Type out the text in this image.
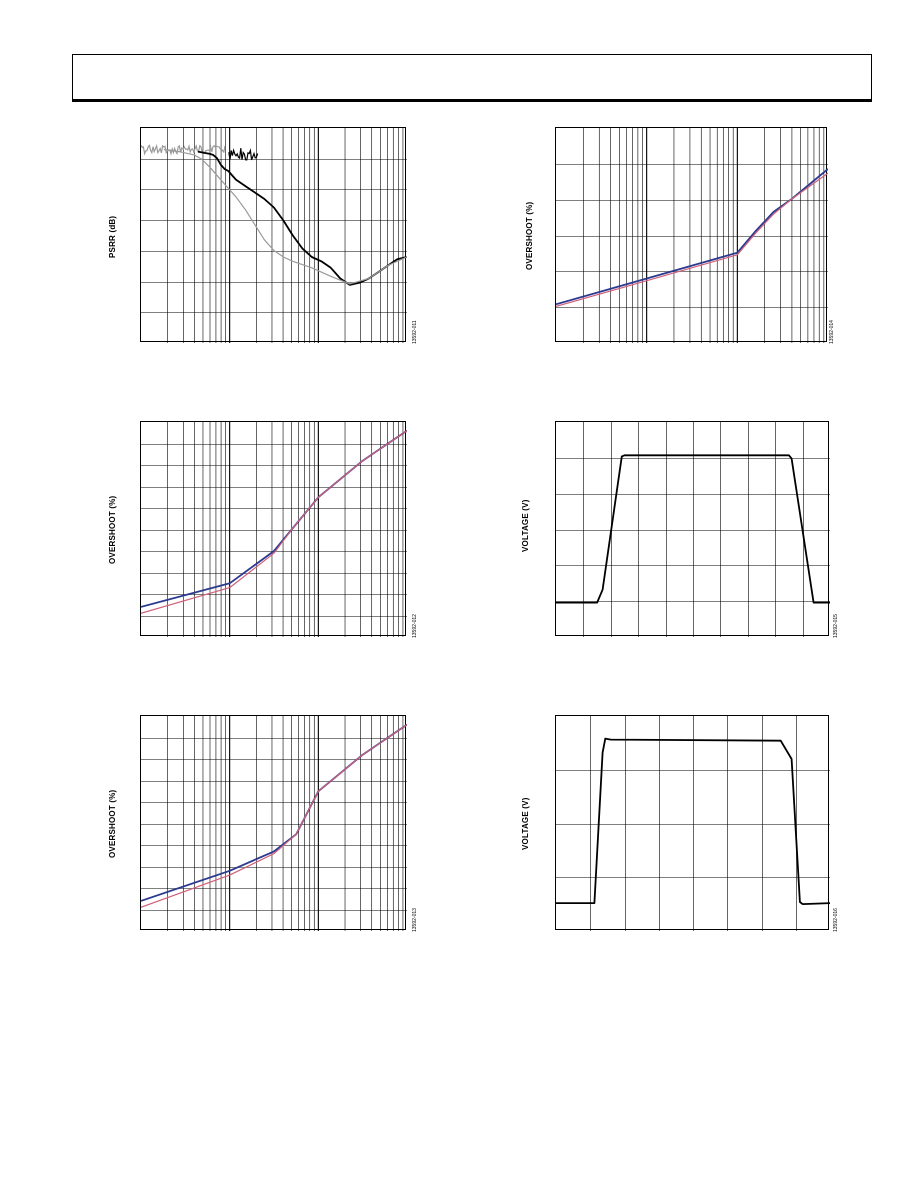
PSRR (dB)
13592-011
OVERSHOOT (%)
13592-012
OVERSHOOT (%)
13592-013
OVERSHOOT (%)
13592-014
VOLTAGE (V)
13592-015
VOLTAGE (V)
13592-016
